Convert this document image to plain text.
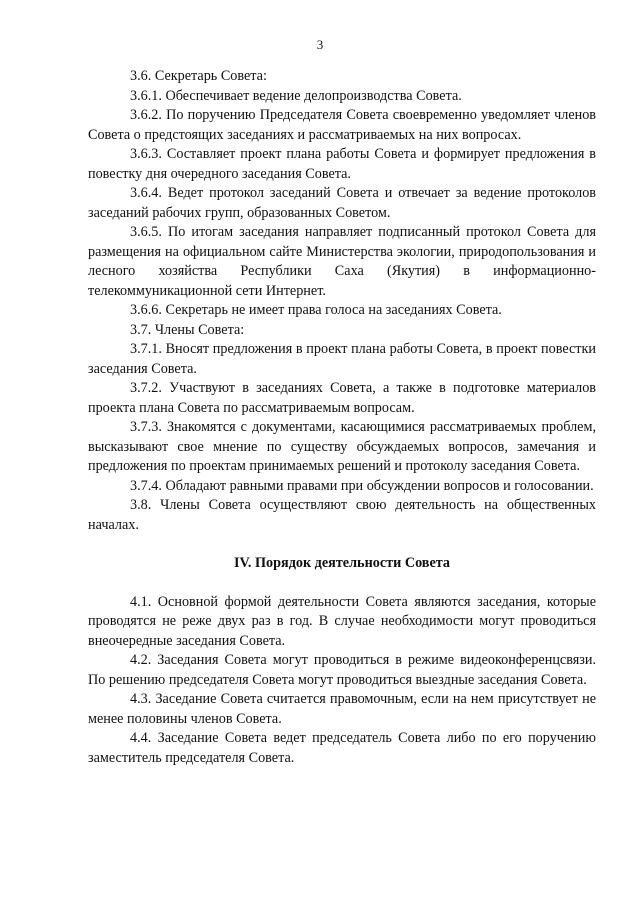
3

3.6. Секретарь Совета:

3.6.1. Обеспечивает ведение делопроизводства Совета.

3.6.2. По поручению Председателя Совета своевременно уведомляет членов Совета о предстоящих заседаниях и рассматриваемых на них вопросах.

3.6.3. Составляет проект плана работы Совета и формирует предложения в повестку дня очередного заседания Совета.

3.6.4. Ведет протокол заседаний Совета и отвечает за ведение протоколов заседаний рабочих групп, образованных Советом.

3.6.5. По итогам заседания направляет подписанный протокол Совета для размещения на официальном сайте Министерства экологии, природопользования и лесного хозяйства Республики Саха (Якутия) в информационно-телекоммуникационной сети Интернет.

3.6.6. Секретарь не имеет права голоса на заседаниях Совета.

3.7. Члены Совета:

3.7.1. Вносят предложения в проект плана работы Совета, в проект повестки заседания Совета.

3.7.2. Участвуют в заседаниях Совета, а также в подготовке материалов проекта плана Совета по рассматриваемым вопросам.

3.7.3. Знакомятся с документами, касающимися рассматриваемых проблем, высказывают свое мнение по существу обсуждаемых вопросов, замечания и предложения по проектам принимаемых решений и протоколу заседания Совета.

3.7.4. Обладают равными правами при обсуждении вопросов и голосовании.

3.8. Члены Совета осуществляют свою деятельность на общественных началах.

IV. Порядок деятельности Совета

4.1. Основной формой деятельности Совета являются заседания, которые проводятся не реже двух раз в год. В случае необходимости могут проводиться внеочередные заседания Совета.

4.2. Заседания Совета могут проводиться в режиме видеоконференцсвязи. По решению председателя Совета могут проводиться выездные заседания Совета.

4.3. Заседание Совета считается правомочным, если на нем присутствует не менее половины членов Совета.

4.4. Заседание Совета ведет председатель Совета либо по его поручению заместитель председателя Совета.
